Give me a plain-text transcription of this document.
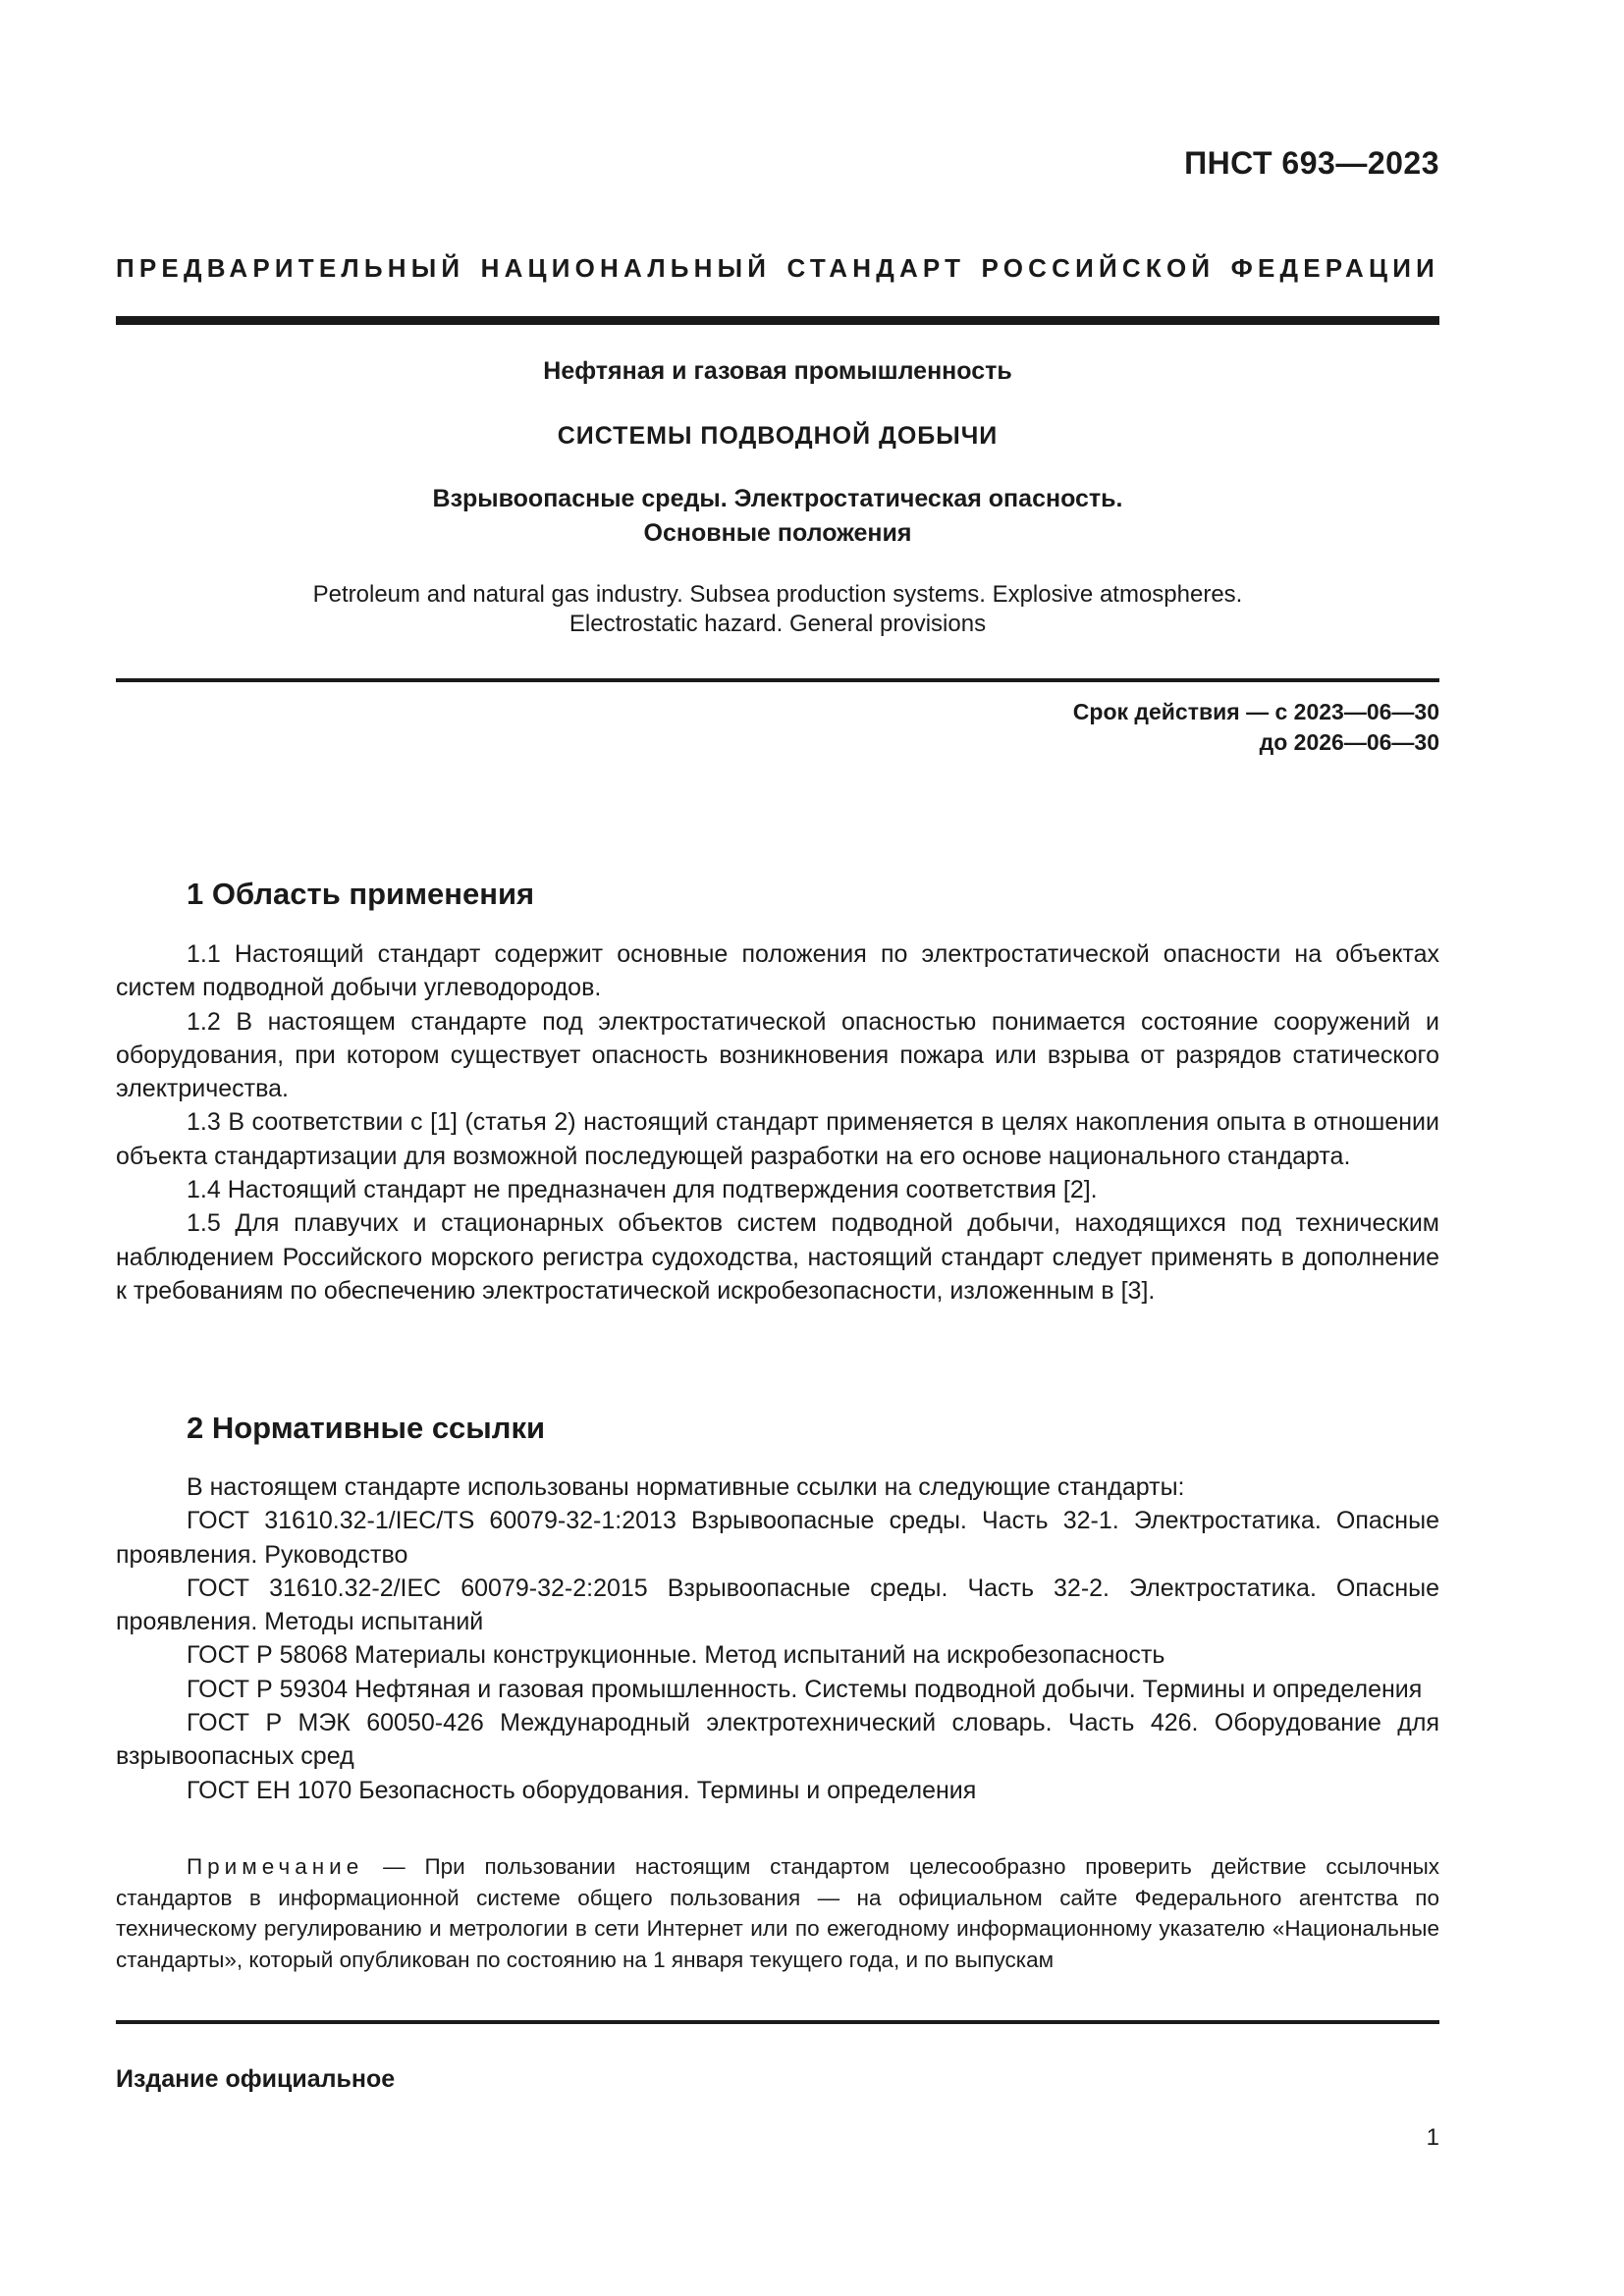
ПНСТ 693—2023
ПРЕДВАРИТЕЛЬНЫЙ НАЦИОНАЛЬНЫЙ СТАНДАРТ РОССИЙСКОЙ ФЕДЕРАЦИИ
Нефтяная и газовая промышленность
СИСТЕМЫ ПОДВОДНОЙ ДОБЫЧИ
Взрывоопасные среды. Электростатическая опасность.
Основные положения
Petroleum and natural gas industry. Subsea production systems. Explosive atmospheres.
Electrostatic hazard. General provisions
Срок действия — с 2023—06—30
до 2026—06—30
1 Область применения

1.1 Настоящий стандарт содержит основные положения по электростатической опасности на объектах систем подводной добычи углеводородов.

1.2 В настоящем стандарте под электростатической опасностью понимается состояние сооружений и оборудования, при котором существует опасность возникновения пожара или взрыва от разрядов статического электричества.

1.3 В соответствии с [1] (статья 2) настоящий стандарт применяется в целях накопления опыта в отношении объекта стандартизации для возможной последующей разработки на его основе национального стандарта.

1.4 Настоящий стандарт не предназначен для подтверждения соответствия [2].

1.5 Для плавучих и стационарных объектов систем подводной добычи, находящихся под техническим наблюдением Российского морского регистра судоходства, настоящий стандарт следует применять в дополнение к требованиям по обеспечению электростатической искробезопасности, изложенным в [3].

2 Нормативные ссылки

В настоящем стандарте использованы нормативные ссылки на следующие стандарты:

ГОСТ 31610.32-1/IEC/TS 60079-32-1:2013 Взрывоопасные среды. Часть 32-1. Электростатика. Опасные проявления. Руководство

ГОСТ 31610.32-2/IEC 60079-32-2:2015 Взрывоопасные среды. Часть 32-2. Электростатика. Опасные проявления. Методы испытаний

ГОСТ Р 58068 Материалы конструкционные. Метод испытаний на искробезопасность

ГОСТ Р 59304 Нефтяная и газовая промышленность. Системы подводной добычи. Термины и определения

ГОСТ Р МЭК 60050-426 Международный электротехнический словарь. Часть 426. Оборудование для взрывоопасных сред

ГОСТ ЕН 1070 Безопасность оборудования. Термины и определения

Примечание — При пользовании настоящим стандартом целесообразно проверить действие ссылочных стандартов в информационной системе общего пользования — на официальном сайте Федерального агентства по техническому регулированию и метрологии в сети Интернет или по ежегодному информационному указателю «Национальные стандарты», который опубликован по состоянию на 1 января текущего года, и по выпускам

Издание официальное
1
